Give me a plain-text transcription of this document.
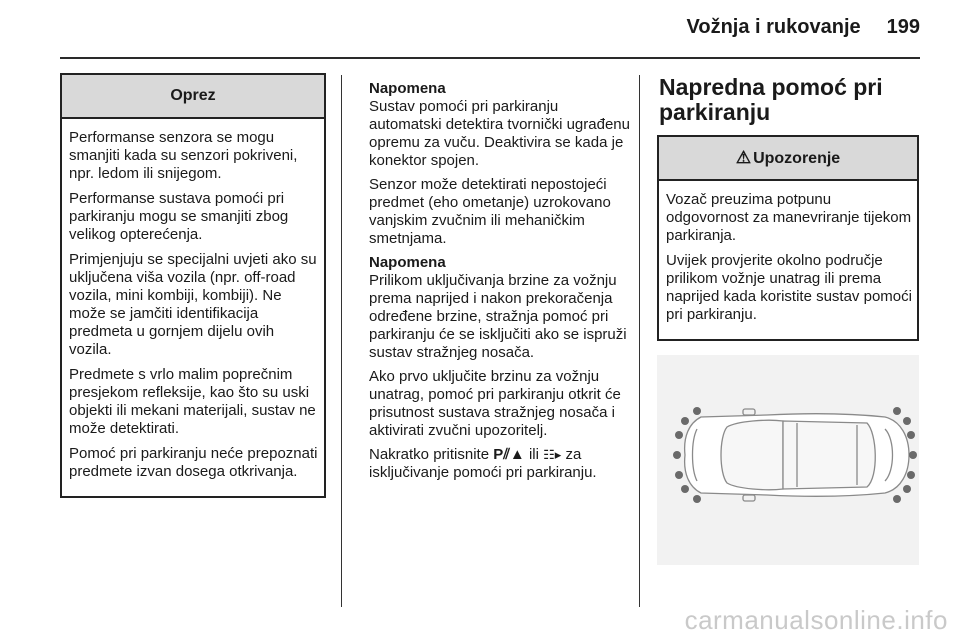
Vožnja i rukovanje 199
Oprez

Performanse senzora se mogu smanjiti kada su senzori pokriveni, npr. ledom ili snijegom.

Performanse sustava pomoći pri parkiranju mogu se smanjiti zbog velikog opterećenja.

Primjenjuju se specijalni uvjeti ako su uključena viša vozila (npr. off-road vozila, mini kombiji, kombiji). Ne može se jamčiti identifikacija predmeta u gornjem dijelu ovih vozila.

Predmete s vrlo malim poprečnim presjekom refleksije, kao što su uski objekti ili mekani materijali, sustav ne može detektirati.

Pomoć pri parkiranju neće prepoznati predmete izvan dosega otkrivanja.

Napomena

Sustav pomoći pri parkiranju automatski detektira tvornički ugrađenu opremu za vuču. Deaktivira se kada je konektor spojen.

Senzor može detektirati nepostojeći predmet (eho ometanje) uzrokovano vanjskim zvučnim ili mehaničkim smetnjama.

Napomena

Prilikom uključivanja brzine za vožnju prema naprijed i nakon prekoračenja određene brzine, stražnja pomoć pri parkiranju će se isključiti ako se ispruži sustav stražnjeg nosača.

Ako prvo uključite brzinu za vožnju unatrag, pomoć pri parkiranju otkrit će prisutnost sustava stražnjeg nosača i aktivirati zvučni upozoritelj.

Nakratko pritisnite P⫽▲ ili ☷▸ za isključivanje pomoći pri parkiranju.

Napredna pomoć pri parkiranju
⚠ Upozorenje

Vozač preuzima potpunu odgovornost za manevriranje tijekom parkiranja.

Uvijek provjerite okolno područje prilikom vožnje unatrag ili prema naprijed kada koristite sustav pomoći pri parkiranju.

carmanualsonline.info
